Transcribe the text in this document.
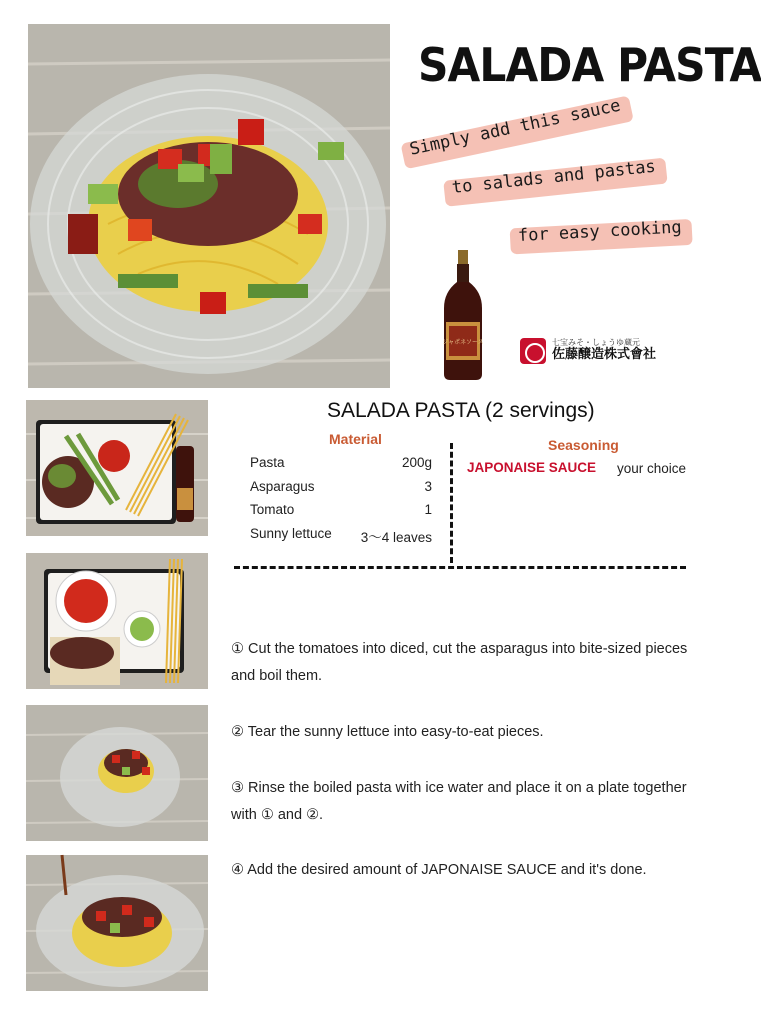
SALADA PASTA
Simply add this sauce
to salads and pastas
for easy cooking
ジャポネソース	七宝みそ・しょうゆ蔵元
佐藤醸造株式會社
SALADA PASTA (2 servings)
Material	Seasoning
Pasta	200g
Asparagus	3
Tomato	1
Sunny lettuce 3～4 leaves
JAPONAISE SAUCE your choice
① Cut the tomatoes into diced, cut the asparagus into bite-sized pieces and boil them.
② Tear the sunny lettuce into easy-to-eat pieces.
③ Rinse the boiled pasta with ice water and place it on a plate together with ① and ②.
④ Add the desired amount of JAPONAISE SAUCE and it's done.
